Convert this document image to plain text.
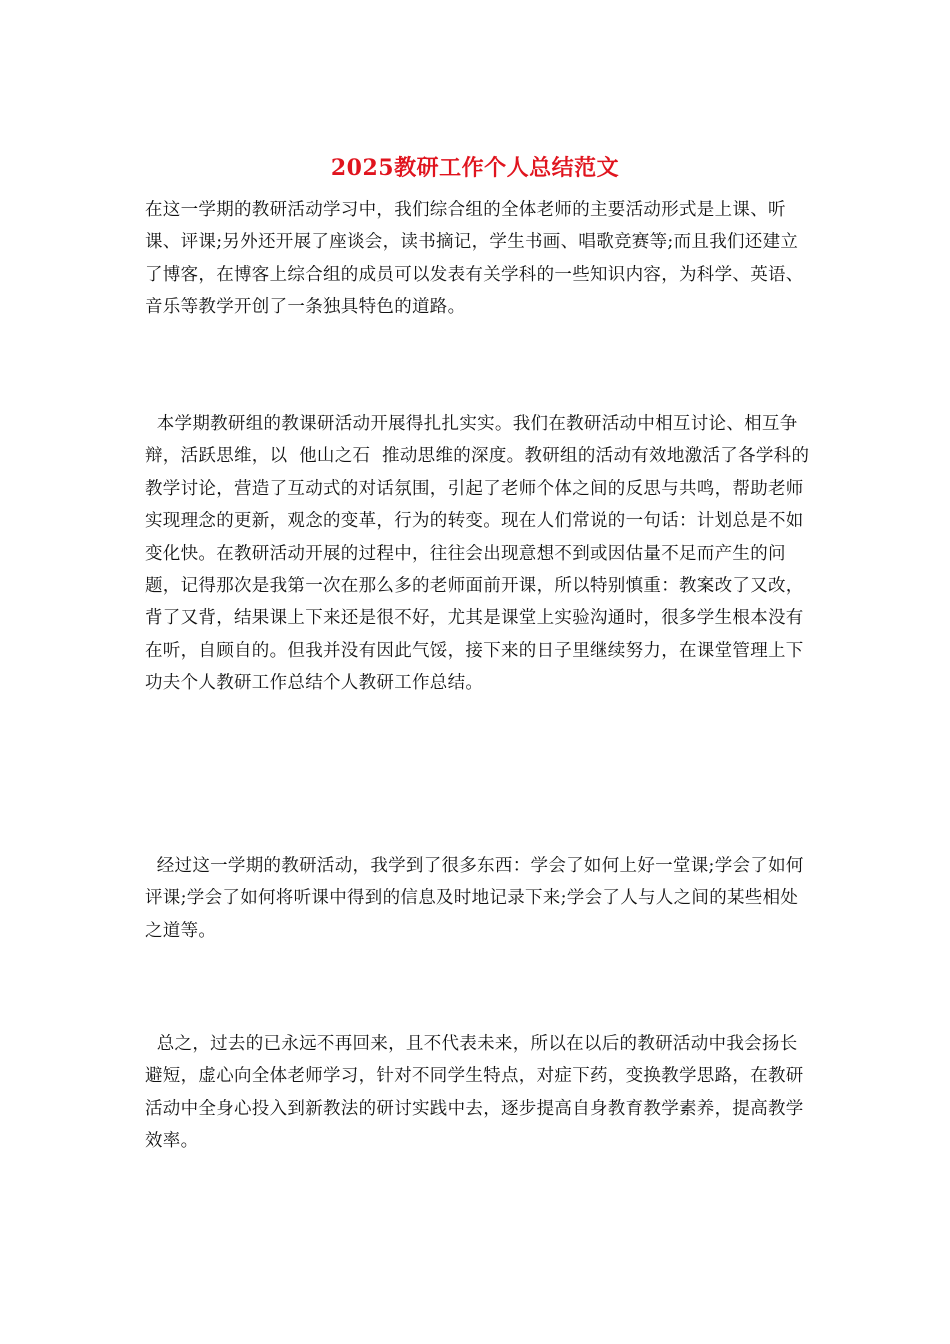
2025教研工作个人总结范文

在这一学期的教研活动学习中，我们综合组的全体老师的主要活动形式是上课、听课、评课;另外还开展了座谈会，读书摘记，学生书画、唱歌竞赛等;而且我们还建立了博客，在博客上综合组的成员可以发表有关学科的一些知识内容，为科学、英语、音乐等教学开创了一条独具特色的道路。

本学期教研组的教课研活动开展得扎扎实实。我们在教研活动中相互讨论、相互争辩，活跃思维，以  他山之石  推动思维的深度。教研组的活动有效地激活了各学科的教学讨论，营造了互动式的对话氛围，引起了老师个体之间的反思与共鸣，帮助老师实现理念的更新，观念的变革，行为的转变。现在人们常说的一句话：计划总是不如变化快。在教研活动开展的过程中，往往会出现意想不到或因估量不足而产生的问题，记得那次是我第一次在那么多的老师面前开课，所以特别慎重：教案改了又改，背了又背，结果课上下来还是很不好，尤其是课堂上实验沟通时，很多学生根本没有在听，自顾自的。但我并没有因此气馁，接下来的日子里继续努力，在课堂管理上下功夫个人教研工作总结个人教研工作总结。

经过这一学期的教研活动，我学到了很多东西：学会了如何上好一堂课;学会了如何评课;学会了如何将听课中得到的信息及时地记录下来;学会了人与人之间的某些相处之道等。

总之，过去的已永远不再回来，且不代表未来，所以在以后的教研活动中我会扬长避短，虚心向全体老师学习，针对不同学生特点，对症下药，变换教学思路，在教研活动中全身心投入到新教法的研讨实践中去，逐步提高自身教育教学素养，提高教学效率。
